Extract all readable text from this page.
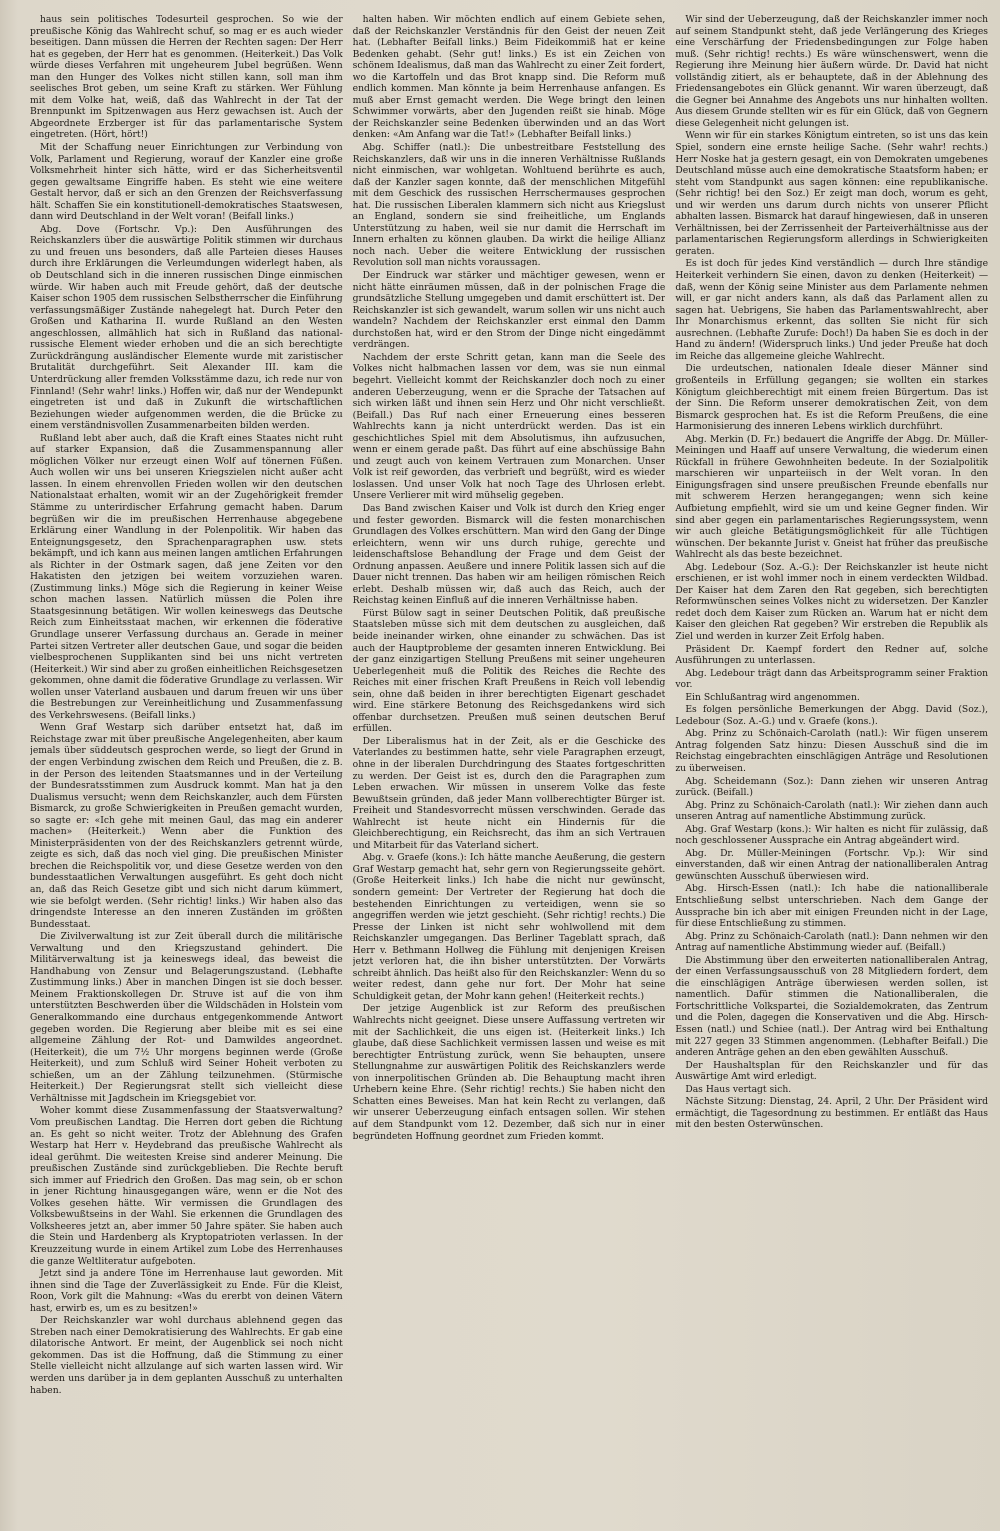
haus sein politisches Todesurteil gesprochen. So wie der preußische König das Wahlrecht schuf, so mag er es auch wieder beseitigen. Dann müssen die Herren der Rechten sagen: Der Herr hat es gegeben, der Herr hat es genommen. (Heiterkeit.) Das Volk würde dieses Verfahren mit ungeheurem Jubel begrüßen. Wenn man den Hunger des Volkes nicht stillen kann, soll man ihm seelisches Brot geben, um seine Kraft zu stärken. Wer Fühlung mit dem Volke hat, weiß, daß das Wahlrecht in der Tat der Brennpunkt im Spitzenwagen aus Herz gewachsen ist. Auch der Abgeordnete Erzberger ist für das parlamentarische System eingetreten. (Hört, hört!)

Mit der Schaffung neuer Einrichtungen zur Verbindung von Volk, Parlament und Regierung, worauf der Kanzler eine große Volksmehrheit hinter sich hätte, wird er das Sicherheitsventil gegen gewaltsame Eingriffe haben. Es steht wie eine weitere Gestalt hervor, daß er sich an den Grenzen der Reichsverfassung hält. Schaffen Sie ein konstitutionell-demokratisches Staatswesen, dann wird Deutschland in der Welt voran! (Beifall links.)

Abg. Dove (Fortschr. Vp.): Den Ausführungen des Reichskanzlers über die auswärtige Politik stimmen wir durchaus zu und freuen uns besonders, daß alle Parteien dieses Hauses durch ihre Erklärungen die Verleumdungen widerlegt haben, als ob Deutschland sich in die inneren russischen Dinge einmischen würde. Wir haben auch mit Freude gehört, daß der deutsche Kaiser schon 1905 dem russischen Selbstherrscher die Einführung verfassungsmäßiger Zustände nahegelegt hat. Durch Peter den Großen und Katharina II. wurde Rußland an den Westen angeschlossen, allmählich hat sich in Rußland das national-russische Element wieder erhoben und die an sich berechtigte Zurückdrängung ausländischer Elemente wurde mit zaristischer Brutalität durchgeführt. Seit Alexander III. kam die Unterdrückung aller fremden Volksstämme dazu, ich rede nur von Finnland! (Sehr wahr! links.) Hoffen wir, daß nur der Wendepunkt eingetreten ist und daß in Zukunft die wirtschaftlichen Beziehungen wieder aufgenommen werden, die die Brücke zu einem verständnisvollen Zusammenarbeiten bilden werden.

Rußland lebt aber auch, daß die Kraft eines Staates nicht ruht auf starker Expansion, daß die Zusammenspannung aller möglichen Völker nur erzeugt einen Wolf auf tönernen Füßen. Auch wollen wir uns bei unseren Kriegszielen nicht außer acht lassen. In einem ehrenvollen Frieden wollen wir den deutschen Nationalstaat erhalten, womit wir an der Zugehörigkeit fremder Stämme zu unterirdischer Erfahrung gemacht haben. Darum begrüßen wir die im preußischen Herrenhause abgegebene Erklärung einer Wandlung in der Polenpolitik. Wir haben das Enteignungsgesetz, den Sprachenparagraphen usw. stets bekämpft, und ich kann aus meinen langen amtlichen Erfahrungen als Richter in der Ostmark sagen, daß jene Zeiten vor den Hakatisten den jetzigen bei weitem vorzuziehen waren. (Zustimmung links.) Möge sich die Regierung in keiner Weise schon machen lassen. Natürlich müssen die Polen ihre Staatsgesinnung betätigen. Wir wollen keineswegs das Deutsche Reich zum Einheitsstaat machen, wir erkennen die föderative Grundlage unserer Verfassung durchaus an. Gerade in meiner Partei sitzen Vertreter aller deutschen Gaue, und sogar die beiden vielbesprochenen Supplikanten sind bei uns nicht vertreten (Heiterkeit.) Wir sind aber zu großen einheitlichen Reichsgesetzen gekommen, ohne damit die föderative Grundlage zu verlassen. Wir wollen unser Vaterland ausbauen und darum freuen wir uns über die Bestrebungen zur Vereinheitlichung und Zusammenfassung des Verkehrswesens. (Beifall links.)

Wenn Graf Westarp sich darüber entsetzt hat, daß im Reichstage zwar mit über preußische Angelegenheiten, aber kaum jemals über süddeutsch gesprochen werde, so liegt der Grund in der engen Verbindung zwischen dem Reich und Preußen, die z. B. in der Person des leitenden Staatsmannes und in der Verteilung der Bundesratsstimmen zum Ausdruck kommt. Man hat ja den Dualismus versucht; wenn dem Reichskanzler, auch dem Fürsten Bismarck, zu große Schwierigkeiten in Preußen gemacht wurden, so sagte er: «Ich gehe mit meinen Gaul, das mag ein anderer machen» (Heiterkeit.) Wenn aber die Funktion des Ministerpräsidenten von der des Reichskanzlers getrennt würde, zeigte es sich, daß das noch viel ging. Die preußischen Minister brechen die Reichspolitik vor, und diese Gesetze werden von den bundesstaatlichen Verwaltungen ausgeführt. Es geht doch nicht an, daß das Reich Gesetze gibt und sich nicht darum kümmert, wie sie befolgt werden. (Sehr richtig! links.) Wir haben also das dringendste Interesse an den inneren Zuständen im größten Bundesstaat.

Die Zivilverwaltung ist zur Zeit überall durch die militärische Verwaltung und den Kriegszustand gehindert. Die Militärverwaltung ist ja keineswegs ideal, das beweist die Handhabung von Zensur und Belagerungszustand. (Lebhafte Zustimmung links.) Aber in manchen Dingen ist sie doch besser. Meinem Fraktionskollegen Dr. Struve ist auf die von ihm unterstützten Beschwerden über die Wildschäden in Holstein vom Generalkommando eine durchaus entgegenkommende Antwort gegeben worden. Die Regierung aber bleibe mit es sei eine allgemeine Zählung der Rot- und Damwildes angeordnet. (Heiterkeit), die um 7½ Uhr morgens beginnen werde (Große Heiterkeit), und zum Schluß wird Seiner Hoheit verboten zu schießen, um an der Zählung teilzunehmen. (Stürmische Heiterkeit.) Der Regierungsrat stellt sich vielleicht diese Verhältnisse mit Jagdschein im Kriegsgebiet vor.

Woher kommt diese Zusammenfassung der Staatsverwaltung? Vom preußischen Landtag. Die Herren dort geben die Richtung an. Es geht so nicht weiter. Trotz der Ablehnung des Grafen Westarp hat Herr v. Heydebrand das preußische Wahlrecht als ideal gerühmt. Die weitesten Kreise sind anderer Meinung. Die preußischen Zustände sind zurückgeblieben. Die Rechte beruft sich immer auf Friedrich den Großen. Das mag sein, ob er schon in jener Richtung hinausgegangen wäre, wenn er die Not des Volkes gesehen hätte. Wir vermissen die Grundlagen des Volksbewußtseins in der Wahl. Sie erkennen die Grundlagen des Volksheeres jetzt an, aber immer 50 Jahre später. Sie haben auch die Stein und Hardenberg als Kryptopatrioten verlassen. In der Kreuzzeitung wurde in einem Artikel zum Lobe des Herrenhauses die ganze Weltliteratur aufgeboten.

Jetzt sind ja andere Töne im Herrenhause laut geworden. Mit ihnen sind die Tage der Zuverlässigkeit zu Ende. Für die Kleist, Roon, Vork gilt die Mahnung: «Was du ererbt von deinen Vätern hast, erwirb es, um es zu besitzen!»

Der Reichskanzler war wohl durchaus ablehnend gegen das Streben nach einer Demokratisierung des Wahlrechts. Er gab eine dilatorische Antwort. Er meint, der Augenblick sei noch nicht gekommen. Das ist die Hoffnung, daß die Stimmung zu einer Stelle vielleicht nicht allzulange auf sich warten lassen wird. Wir werden uns darüber ja in dem geplanten Ausschuß zu unterhalten haben.

halten haben. Wir möchten endlich auf einem Gebiete sehen, daß der Reichskanzler Verständnis für den Geist der neuen Zeit hat. (Lebhafter Beifall links.) Beim Fideikommiß hat er keine Bedenken gehabt. (Sehr gut! links.) Es ist ein Zeichen von schönem Idealismus, daß man das Wahlrecht zu einer Zeit fordert, wo die Kartoffeln und das Brot knapp sind. Die Reform muß endlich kommen. Man könnte ja beim Herrenhause anfangen. Es muß aber Ernst gemacht werden. Die Wege bringt den leinen Schwimmer vorwärts, aber den Jugenden reißt sie hinab. Möge der Reichskanzler seine Bedenken überwinden und an das Wort denken: «Am Anfang war die Tat!» (Lebhafter Beifall links.)

Abg. Schiffer (natl.): Die unbestreitbare Feststellung des Reichskanzlers, daß wir uns in die inneren Verhältnisse Rußlands nicht einmischen, war wohlgetan. Wohltuend berührte es auch, daß der Kanzler sagen konnte, daß der menschlichen Mitgefühl mit dem Geschick des russischen Herrschermauses gesprochen hat. Die russischen Liberalen klammern sich nicht aus Kriegslust an England, sondern sie sind freiheitliche, um Englands Unterstützung zu haben, weil sie nur damit die Herrschaft im Innern erhalten zu können glauben. Da wirkt die heilige Allianz noch nach. Ueber die weitere Entwicklung der russischen Revolution soll man nichts voraussagen.

Der Eindruck war stärker und mächtiger gewesen, wenn er nicht hätte einräumen müssen, daß in der polnischen Frage die grundsätzliche Stellung umgegeben und damit erschüttert ist. Der Reichskanzler ist sich gewandelt, warum sollen wir uns nicht auch wandeln? Nachdem der Reichskanzler erst einmal den Damm durchstoßen hat, wird er den Strom der Dinge nicht eingedämmt verdrängen.

Nachdem der erste Schritt getan, kann man die Seele des Volkes nicht halbmachen lassen vor dem, was sie nun einmal begehrt. Vielleicht kommt der Reichskanzler doch noch zu einer anderen Ueberzeugung, wenn er die Sprache der Tatsachen auf sich wirken läßt und ihnen sein Herz und Ohr nicht verschließt. (Beifall.) Das Ruf nach einer Erneuerung eines besseren Wahlrechts kann ja nicht unterdrückt werden. Das ist ein geschichtliches Spiel mit dem Absolutismus, ihn aufzusuchen, wenn er einem gerade paßt. Das führt auf eine abschüssige Bahn und zeugt auch von keinem Vertrauen zum Monarchen. Unser Volk ist reif geworden, das verbrieft und begrüßt, wird es wieder loslassen. Und unser Volk hat noch Tage des Uhrlosen erlebt. Unsere Verlierer mit wird mühselig gegeben.

Das Band zwischen Kaiser und Volk ist durch den Krieg enger und fester geworden. Bismarck will die festen monarchischen Grundlagen des Volkes erschüttern. Man wird den Gang der Dinge erleichtern, wenn wir uns durch ruhige, gerechte und leidenschaftslose Behandlung der Frage und dem Geist der Ordnung anpassen. Aeußere und innere Politik lassen sich auf die Dauer nicht trennen. Das haben wir am heiligen römischen Reich erlebt. Deshalb müssen wir, daß auch das Reich, auch der Reichstag keinen Einfluß auf die inneren Verhältnisse haben.

Fürst Bülow sagt in seiner Deutschen Politik, daß preußische Staatsleben müsse sich mit dem deutschen zu ausgleichen, daß beide ineinander wirken, ohne einander zu schwächen. Das ist auch der Hauptprobleme der gesamten inneren Entwicklung. Bei der ganz einzigartigen Stellung Preußens mit seiner ungeheuren Ueberlegenheit muß die Politik des Reiches die Rechte des Reiches mit einer frischen Kraft Preußens in Reich voll lebendig sein, ohne daß beiden in ihrer berechtigten Eigenart geschadet wird. Eine stärkere Betonung des Reichsgedankens wird sich offenbar durchsetzen. Preußen muß seinen deutschen Beruf erfüllen.

Der Liberalismus hat in der Zeit, als er die Geschicke des Vaterlandes zu bestimmen hatte, sehr viele Paragraphen erzeugt, ohne in der liberalen Durchdringung des Staates fortgeschritten zu werden. Der Geist ist es, durch den die Paragraphen zum Leben erwachen. Wir müssen in unserem Volke das feste Bewußtsein gründen, daß jeder Mann vollberechtigter Bürger ist. Freiheit und Standesvorrecht müssen verschwinden. Gerade das Wahlrecht ist heute nicht ein Hindernis für die Gleichberechtigung, ein Reichsrecht, das ihm an sich Vertrauen und Mitarbeit für das Vaterland sichert.

Abg. v. Graefe (kons.): Ich hätte manche Aeußerung, die gestern Graf Westarp gemacht hat, sehr gern von Regierungsseite gehört. (Große Heiterkeit links.) Ich habe die nicht nur gewünscht, sondern gemeint: Der Vertreter der Regierung hat doch die bestehenden Einrichtungen zu verteidigen, wenn sie so angegriffen werden wie jetzt geschieht. (Sehr richtig! rechts.) Die Presse der Linken ist nicht sehr wohlwollend mit dem Reichskanzler umgegangen. Das Berliner Tageblatt sprach, daß Herr v. Bethmann Hollweg die Fühlung mit denjenigen Kreisen jetzt verloren hat, die ihn bisher unterstützten. Der Vorwärts schreibt ähnlich. Das heißt also für den Reichskanzler: Wenn du so weiter redest, dann gehe nur fort. Der Mohr hat seine Schuldigkeit getan, der Mohr kann gehen! (Heiterkeit rechts.)

Der jetzige Augenblick ist zur Reform des preußischen Wahlrechts nicht geeignet. Diese unsere Auffassung vertreten wir mit der Sachlichkeit, die uns eigen ist. (Heiterkeit links.) Ich glaube, daß diese Sachlichkeit vermissen lassen und weise es mit berechtigter Entrüstung zurück, wenn Sie behaupten, unsere Stellungnahme zur auswärtigen Politik des Reichskanzlers werde von innerpolitischen Gründen ab. Die Behauptung macht ihren Urhebern keine Ehre. (Sehr richtig! rechts.) Sie haben nicht den Schatten eines Beweises. Man hat kein Recht zu verlangen, daß wir unserer Ueberzeugung einfach entsagen sollen. Wir stehen auf dem Standpunkt vom 12. Dezember, daß sich nur in einer begründeten Hoffnung geordnet zum Frieden kommt.

Wir sind der Ueberzeugung, daß der Reichskanzler immer noch auf seinem Standpunkt steht, daß jede Verlängerung des Krieges eine Verschärfung der Friedensbedingungen zur Folge haben muß. (Sehr richtig! rechts.) Es wäre wünschenswert, wenn die Regierung ihre Meinung hier äußern würde. Dr. David hat nicht vollständig zitiert, als er behauptete, daß in der Ablehnung des Friedensangebotes ein Glück genannt. Wir waren überzeugt, daß die Gegner bei Annahme des Angebots uns nur hinhalten wollten. Aus diesem Grunde stellten wir es für ein Glück, daß von Gegnern diese Gelegenheit nicht gelungen ist.

Wenn wir für ein starkes Königtum eintreten, so ist uns das kein Spiel, sondern eine ernste heilige Sache. (Sehr wahr! rechts.) Herr Noske hat ja gestern gesagt, ein von Demokraten umgebenes Deutschland müsse auch eine demokratische Staatsform haben; er steht vom Standpunkt aus sagen können: eine republikanische. (Sehr richtig! bei den Soz.) Er zeigt man doch, worum es geht, und wir werden uns darum durch nichts von unserer Pflicht abhalten lassen. Bismarck hat darauf hingewiesen, daß in unseren Verhältnissen, bei der Zerrissenheit der Parteiverhältnisse aus der parlamentarischen Regierungsform allerdings in Schwierigkeiten geraten.

Es ist doch für jedes Kind verständlich — durch Ihre ständige Heiterkeit verhindern Sie einen, davon zu denken (Heiterkeit) — daß, wenn der König seine Minister aus dem Parlamente nehmen will, er gar nicht anders kann, als daß das Parlament allen zu sagen hat. Uebrigens, Sie haben das Parlamentswahlrecht, aber Ihr Monarchismus erkennt, das sollten Sie nicht für sich ausrechnen. (Lebhafte Zurufe: Doch!) Da haben Sie es doch in der Hand zu ändern! (Widerspruch links.) Und jeder Preuße hat doch im Reiche das allgemeine gleiche Wahlrecht.

Die urdeutschen, nationalen Ideale dieser Männer sind großenteils in Erfüllung gegangen; sie wollten ein starkes Königtum gleichberechtigt mit einem freien Bürgertum. Das ist der Sinn. Die Reform unserer demokratischen Zeit, von dem Bismarck gesprochen hat. Es ist die Reform Preußens, die eine Harmonisierung des inneren Lebens wirklich durchführt.

Abg. Merkin (D. Fr.) bedauert die Angriffe der Abgg. Dr. Müller-Meiningen und Haaff auf unsere Verwaltung, die wiederum einen Rückfall in frühere Gewohnheiten bedeute. In der Sozialpolitik marschieren wir unparteiisch in der Welt voran. In den Einigungsfragen sind unsere preußischen Freunde ebenfalls nur mit schwerem Herzen herangegangen; wenn sich keine Aufbietung empfiehlt, wird sie um und keine Gegner finden. Wir sind aber gegen ein parlamentarisches Regierungssystem, wenn wir auch gleiche Betätigungsmöglichkeit für alle Tüchtigen wünschen. Der bekannte Jurist v. Gneist hat früher das preußische Wahlrecht als das beste bezeichnet.

Abg. Ledebour (Soz. A.-G.): Der Reichskanzler ist heute nicht erschienen, er ist wohl immer noch in einem verdeckten Wildbad. Der Kaiser hat dem Zaren den Rat gegeben, sich berechtigten Reformwünschen seines Volkes nicht zu widersetzen. Der Kanzler redet doch dem Kaiser zum Rücken an. Warum hat er nicht dem Kaiser den gleichen Rat gegeben? Wir erstreben die Republik als Ziel und werden in kurzer Zeit Erfolg haben.

Präsident Dr. Kaempf fordert den Redner auf, solche Ausführungen zu unterlassen.

Abg. Ledebour trägt dann das Arbeitsprogramm seiner Fraktion vor.

Ein Schlußantrag wird angenommen.

Es folgen persönliche Bemerkungen der Abgg. David (Soz.), Ledebour (Soz. A.-G.) und v. Graefe (kons.).

Abg. Prinz zu Schönaich-Carolath (natl.): Wir fügen unserem Antrag folgenden Satz hinzu: Diesen Ausschuß sind die im Reichstag eingebrachten einschlägigen Anträge und Resolutionen zu überweisen.

Abg. Scheidemann (Soz.): Dann ziehen wir unseren Antrag zurück. (Beifall.)

Abg. Prinz zu Schönaich-Carolath (natl.): Wir ziehen dann auch unseren Antrag auf namentliche Abstimmung zurück.

Abg. Graf Westarp (kons.): Wir halten es nicht für zulässig, daß noch geschlossener Aussprache ein Antrag abgeändert wird.

Abg. Dr. Müller-Meiningen (Fortschr. Vp.): Wir sind einverstanden, daß wir einen Antrag der nationalliberalen Antrag gewünschten Ausschuß überwiesen wird.

Abg. Hirsch-Essen (natl.): Ich habe die nationalliberale Entschließung selbst unterschrieben. Nach dem Gange der Aussprache bin ich aber mit einigen Freunden nicht in der Lage, für diese Entschließung zu stimmen.

Abg. Prinz zu Schönaich-Carolath (natl.): Dann nehmen wir den Antrag auf namentliche Abstimmung wieder auf. (Beifall.)

Die Abstimmung über den erweiterten nationalliberalen Antrag, der einen Verfassungsausschuß von 28 Mitgliedern fordert, dem die einschlägigen Anträge überwiesen werden sollen, ist namentlich. Dafür stimmen die Nationalliberalen, die Fortschrittliche Volkspartei, die Sozialdemokraten, das Zentrum und die Polen, dagegen die Konservativen und die Abg. Hirsch-Essen (natl.) und Schiee (natl.). Der Antrag wird bei Enthaltung mit 227 gegen 33 Stimmen angenommen. (Lebhafter Beifall.) Die anderen Anträge gehen an den eben gewählten Ausschuß.

Der Haushaltsplan für den Reichskanzler und für das Auswärtige Amt wird erledigt.

Das Haus vertagt sich.

Nächste Sitzung: Dienstag, 24. April, 2 Uhr. Der Präsident wird ermächtigt, die Tagesordnung zu bestimmen. Er entläßt das Haus mit den besten Osterwünschen.
